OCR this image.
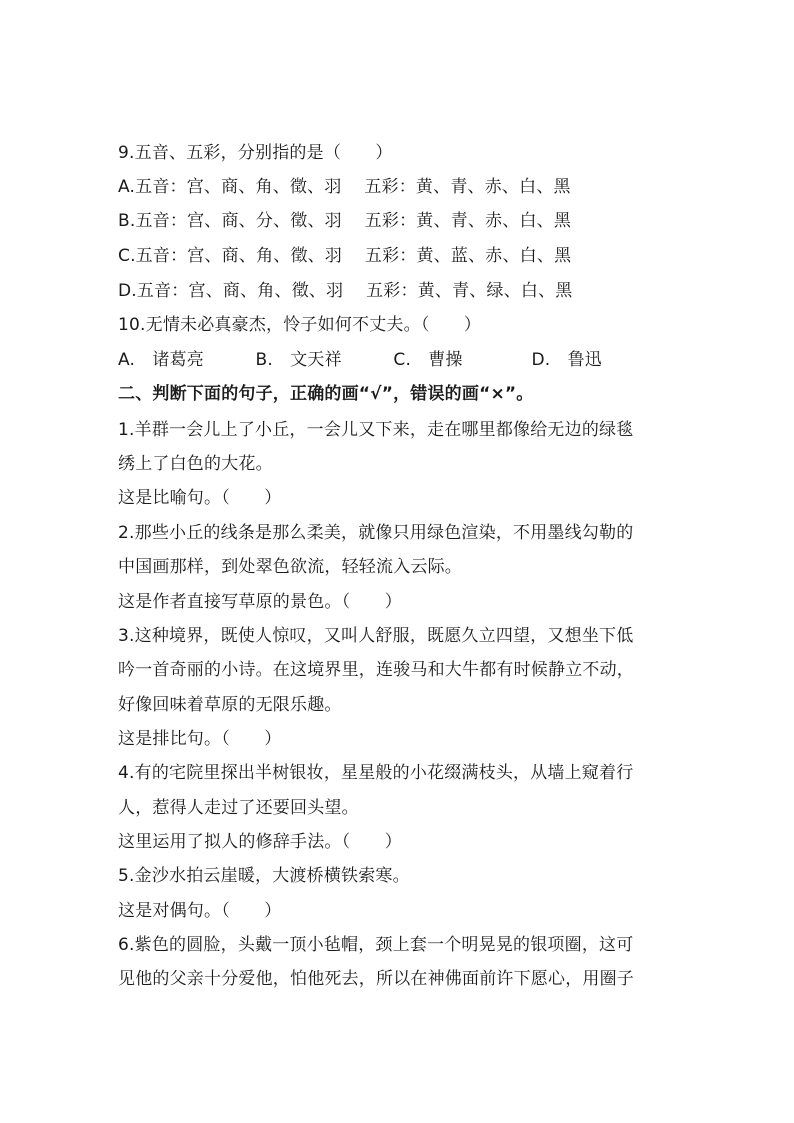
9.五音、五彩，分别指的是（　　）
A.五音：宫、商、角、徵、羽　 五彩：黄、青、赤、白、黑
B.五音：宫、商、分、徵、羽　 五彩：黄、青、赤、白、黑
C.五音：宫、商、角、徵、羽　 五彩：黄、蓝、赤、白、黑
D.五音：宫、商、角、徵、羽　 五彩：黄、青、绿、白、黑
10.无情未必真豪杰，怜子如何不丈夫。（　　）
A.　诸葛亮　　　B.　文天祥　　　C.　曹操　　　　D.　鲁迅
二、判断下面的句子，正确的画“√”，错误的画“×”。
1.羊群一会儿上了小丘，一会儿又下来，走在哪里都像给无边的绿毯
绣上了白色的大花。
这是比喻句。（　　）
2.那些小丘的线条是那么柔美，就像只用绿色渲染，不用墨线勾勒的
中国画那样，到处翠色欲流，轻轻流入云际。
这是作者直接写草原的景色。（　　）
3.这种境界，既使人惊叹，又叫人舒服，既愿久立四望，又想坐下低
吟一首奇丽的小诗。在这境界里，连骏马和大牛都有时候静立不动，
好像回味着草原的无限乐趣。
这是排比句。（　　）
4.有的宅院里探出半树银妆，星星般的小花缀满枝头，从墙上窥着行
人，惹得人走过了还要回头望。
这里运用了拟人的修辞手法。（　　）
5.金沙水拍云崖暖，大渡桥横铁索寒。
这是对偶句。（　　）
6.紫色的圆脸，头戴一顶小毡帽，颈上套一个明晃晃的银项圈，这可
见他的父亲十分爱他，怕他死去，所以在神佛面前许下愿心，用圈子
